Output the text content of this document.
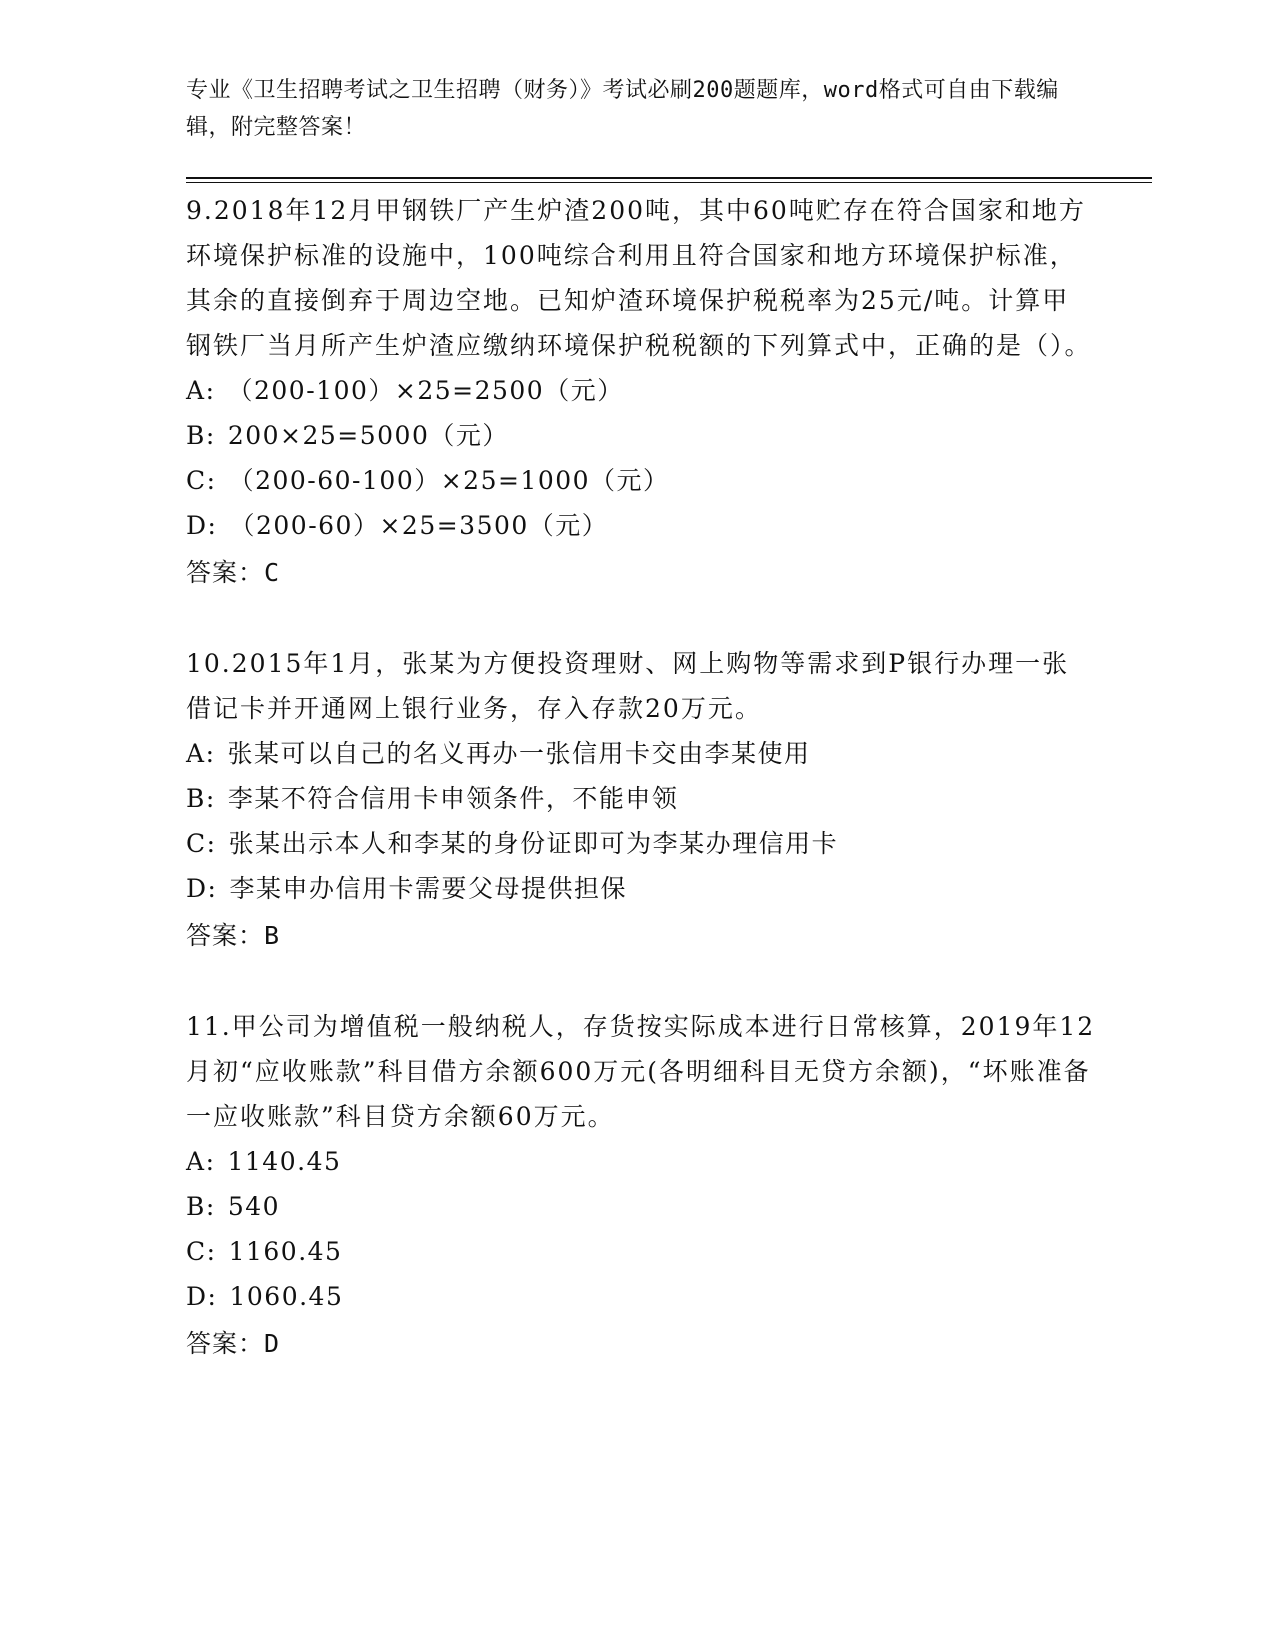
专业《卫生招聘考试之卫生招聘（财务）》考试必刷200题题库，word格式可自由下载编辑，附完整答案！
9.2018年12月甲钢铁厂产生炉渣200吨，其中60吨贮存在符合国家和地方环境保护标准的设施中，100吨综合利用且符合国家和地方环境保护标准，其余的直接倒弃于周边空地。已知炉渣环境保护税税率为25元/吨。计算甲钢铁厂当月所产生炉渣应缴纳环境保护税税额的下列算式中，正确的是（）。
A: （200-100）×25=2500（元）
B: 200×25=5000（元）
C: （200-60-100）×25=1000（元）
D: （200-60）×25=3500（元）
答案：C
10.2015年1月，张某为方便投资理财、网上购物等需求到P银行办理一张借记卡并开通网上银行业务，存入存款20万元。
A: 张某可以自己的名义再办一张信用卡交由李某使用
B: 李某不符合信用卡申领条件，不能申领
C: 张某出示本人和李某的身份证即可为李某办理信用卡
D: 李某申办信用卡需要父母提供担保
答案：B
11.甲公司为增值税一般纳税人，存货按实际成本进行日常核算，2019年12月初“应收账款”科目借方余额600万元(各明细科目无贷方余额)，“坏账准备一应收账款”科目贷方余额60万元。
A: 1140.45
B: 540
C: 1160.45
D: 1060.45
答案：D
